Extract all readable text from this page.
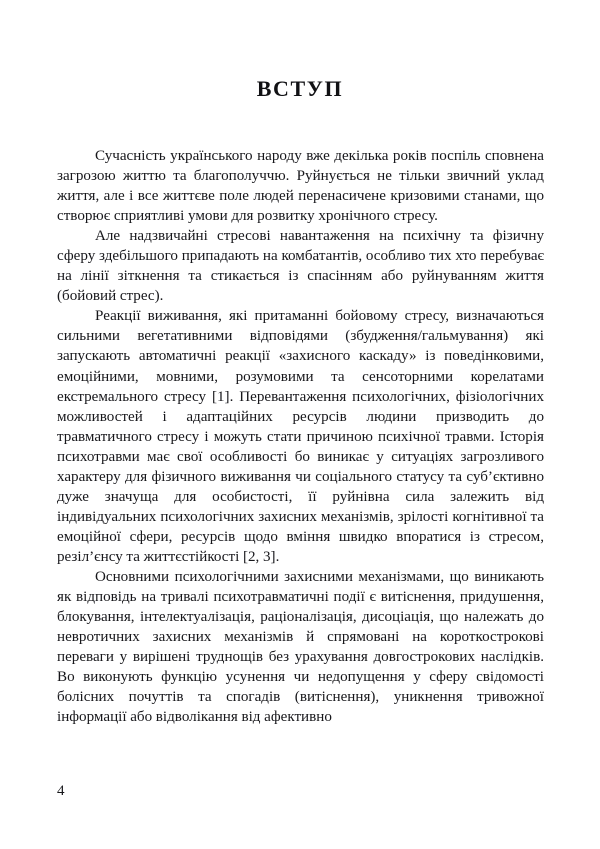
ВСТУП

Сучасність українського народу вже декілька років поспіль сповнена загрозою життю та благополуччю. Руйнується не тільки звичний уклад життя, але і все життєве поле людей перенасичене кризовими станами, що створює сприятливі умови для розвитку хронічного стресу.

Але надзвичайні стресові навантаження на психічну та фізичну сферу здебільшого припадають на комбатантів, особливо тих хто перебуває на лінії зіткнення та стикається із спасінням або руйнуванням життя (бойовий стрес).

Реакції виживання, які притаманні бойовому стресу, визначаються сильними вегетативними відповідями (збудження/гальмування) які запускають автоматичні реакції «захисного каскаду» із поведінковими, емоційними, мовними, розумовими та сенсоторними корелатами екстремального стресу [1]. Перевантаження психологічних, фізіологічних можливостей і адаптаційних ресурсів людини призводить до травматичного стресу і можуть стати причиною психічної травми. Історія психотравми має свої особливості бо виникає у ситуаціях загрозливого характеру для фізичного виживання чи соціального статусу та суб’єктивно дуже значуща для особистості, її руйнівна сила залежить від індивідуальних психологічних захисних механізмів, зрілості когнітивної та емоційної сфери, ресурсів щодо вміння швидко впоратися із стресом, резіл’єнсу та життєстійкості [2, 3].

Основними психологічними захисними механізмами, що виникають як відповідь на тривалі психотравматичні події є витіснення, придушення, блокування, інтелектуалізація, раціоналізація, дисоціація, що належать до невротичних захисних механізмів й спрямовані на короткострокові переваги у вирішені труднощів без урахування довгострокових наслідків. Во виконують функцію усунення чи недопущення у сферу свідомості болісних почуттів та спогадів (витіснення), уникнення тривожної інформації або відволікання від афективно

4
